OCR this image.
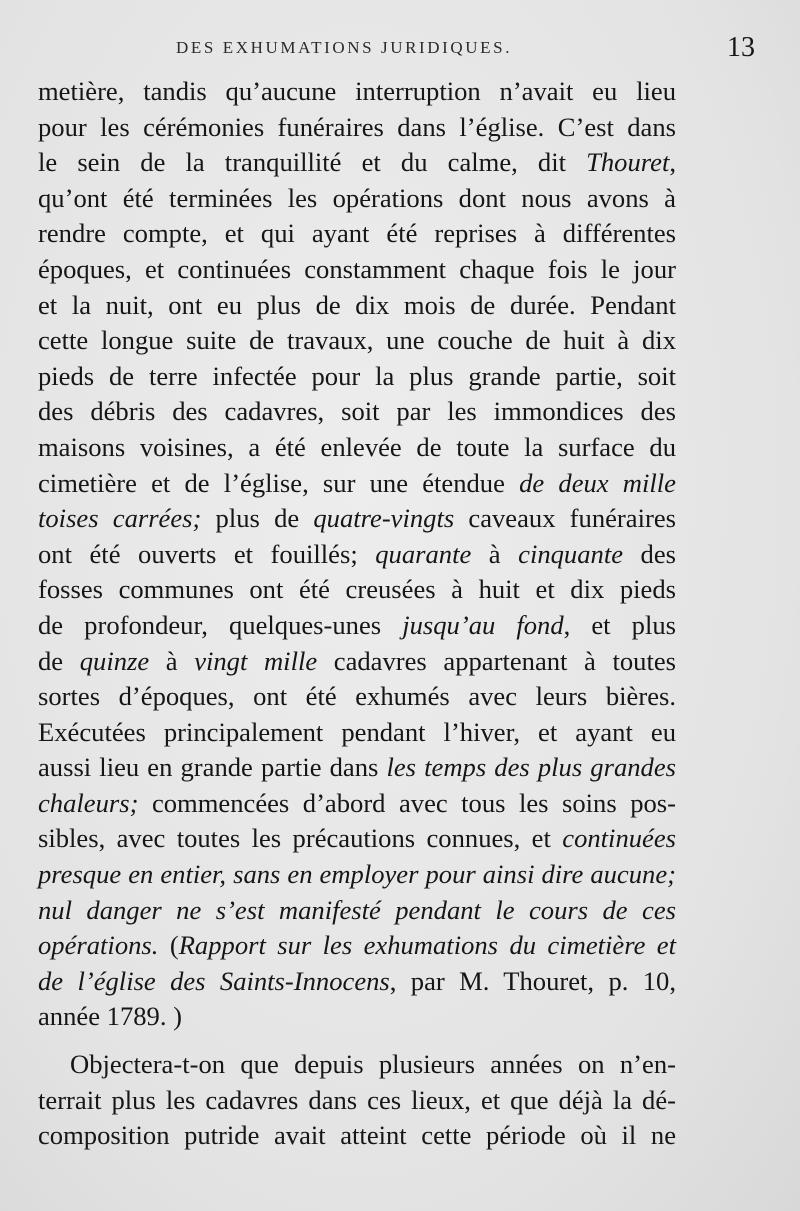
DES EXHUMATIONS JURIDIQUES.	13
metière, tandis qu’aucune interruption n’avait eu lieu
pour les cérémonies funéraires dans l’église. C’est dans
le sein de la tranquillité et du calme, dit Thouret,
qu’ont été terminées les opérations dont nous avons à
rendre compte, et qui ayant été reprises à différentes
époques, et continuées constamment chaque fois le jour
et la nuit, ont eu plus de dix mois de durée. Pendant
cette longue suite de travaux, une couche de huit à dix
pieds de terre infectée pour la plus grande partie, soit
des débris des cadavres, soit par les immondices des
maisons voisines, a été enlevée de toute la surface du
cimetière et de l’église, sur une étendue de deux mille
toises carrées; plus de quatre-vingts caveaux funéraires
ont été ouverts et fouillés; quarante à cinquante des
fosses communes ont été creusées à huit et dix pieds
de profondeur, quelques-unes jusqu’au fond, et plus
de quinze à vingt mille cadavres appartenant à toutes
sortes d’époques, ont été exhumés avec leurs bières.
Exécutées principalement pendant l’hiver, et ayant eu
aussi lieu en grande partie dans les temps des plus grandes
chaleurs; commencées d’abord avec tous les soins pos-
sibles, avec toutes les précautions connues, et continuées
presque en entier, sans en employer pour ainsi dire aucune;
nul danger ne s’est manifesté pendant le cours de ces
opérations. (Rapport sur les exhumations du cimetière et
de l’église des Saints-Innocens, par M. Thouret, p. 10,
année 1789. )
Objectera-t-on que depuis plusieurs années on n’en-
terrait plus les cadavres dans ces lieux, et que déjà la dé-
composition putride avait atteint cette période où il ne
